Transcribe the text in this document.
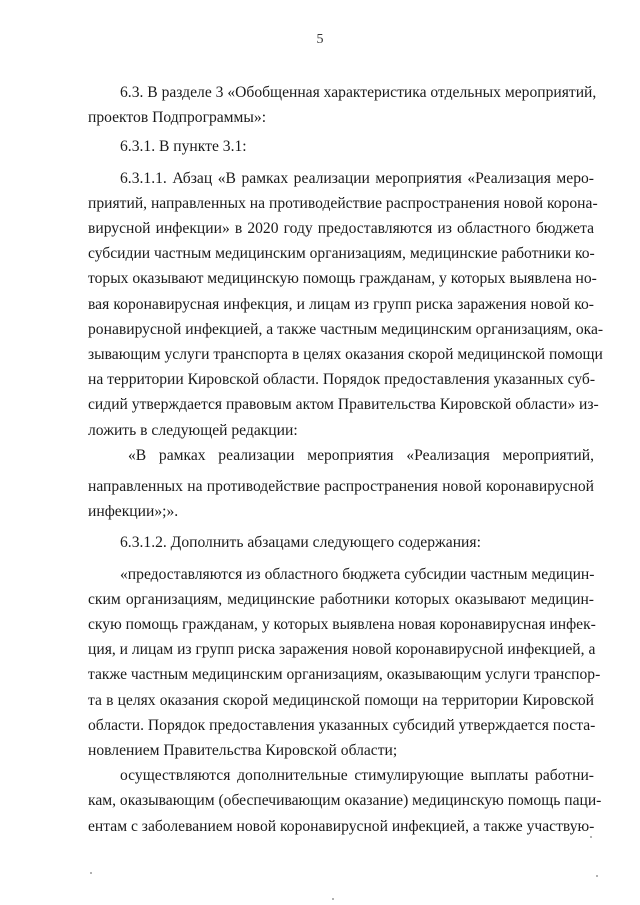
5
6.3. В разделе 3 «Обобщенная характеристика отдельных мероприятий,
проектов Подпрограммы»:
6.3.1. В пункте 3.1:
6.3.1.1. Абзац «В рамках реализации мероприятия «Реализация меро-
приятий, направленных на противодействие распространения новой корона-
вирусной инфекции» в 2020 году предоставляются из областного бюджета
субсидии частным медицинским организациям, медицинские работники ко-
торых оказывают медицинскую помощь гражданам, у которых выявлена но-
вая коронавирусная инфекция, и лицам из групп риска заражения новой ко-
ронавирусной инфекцией, а также частным медицинским организациям, ока-
зывающим услуги транспорта в целях оказания скорой медицинской помощи
на территории Кировской области. Порядок предоставления указанных суб-
сидий утверждается правовым актом Правительства Кировской области» из-
ложить в следующей редакции:
«В рамках реализации мероприятия «Реализация мероприятий,
направленных на противодействие распространения новой коронавирусной
инфекции»;».
6.3.1.2. Дополнить абзацами следующего содержания:
«предоставляются из областного бюджета субсидии частным медицин-
ским организациям, медицинские работники которых оказывают медицин-
скую помощь гражданам, у которых выявлена новая коронавирусная инфек-
ция, и лицам из групп риска заражения новой коронавирусной инфекцией, а
также частным медицинским организациям, оказывающим услуги транспор-
та в целях оказания скорой медицинской помощи на территории Кировской
области. Порядок предоставления указанных субсидий утверждается поста-
новлением Правительства Кировской области;
осуществляются дополнительные стимулирующие выплаты работни-
кам, оказывающим (обеспечивающим оказание) медицинскую помощь паци-
ентам с заболеванием новой коронавирусной инфекцией, а также участвую-
